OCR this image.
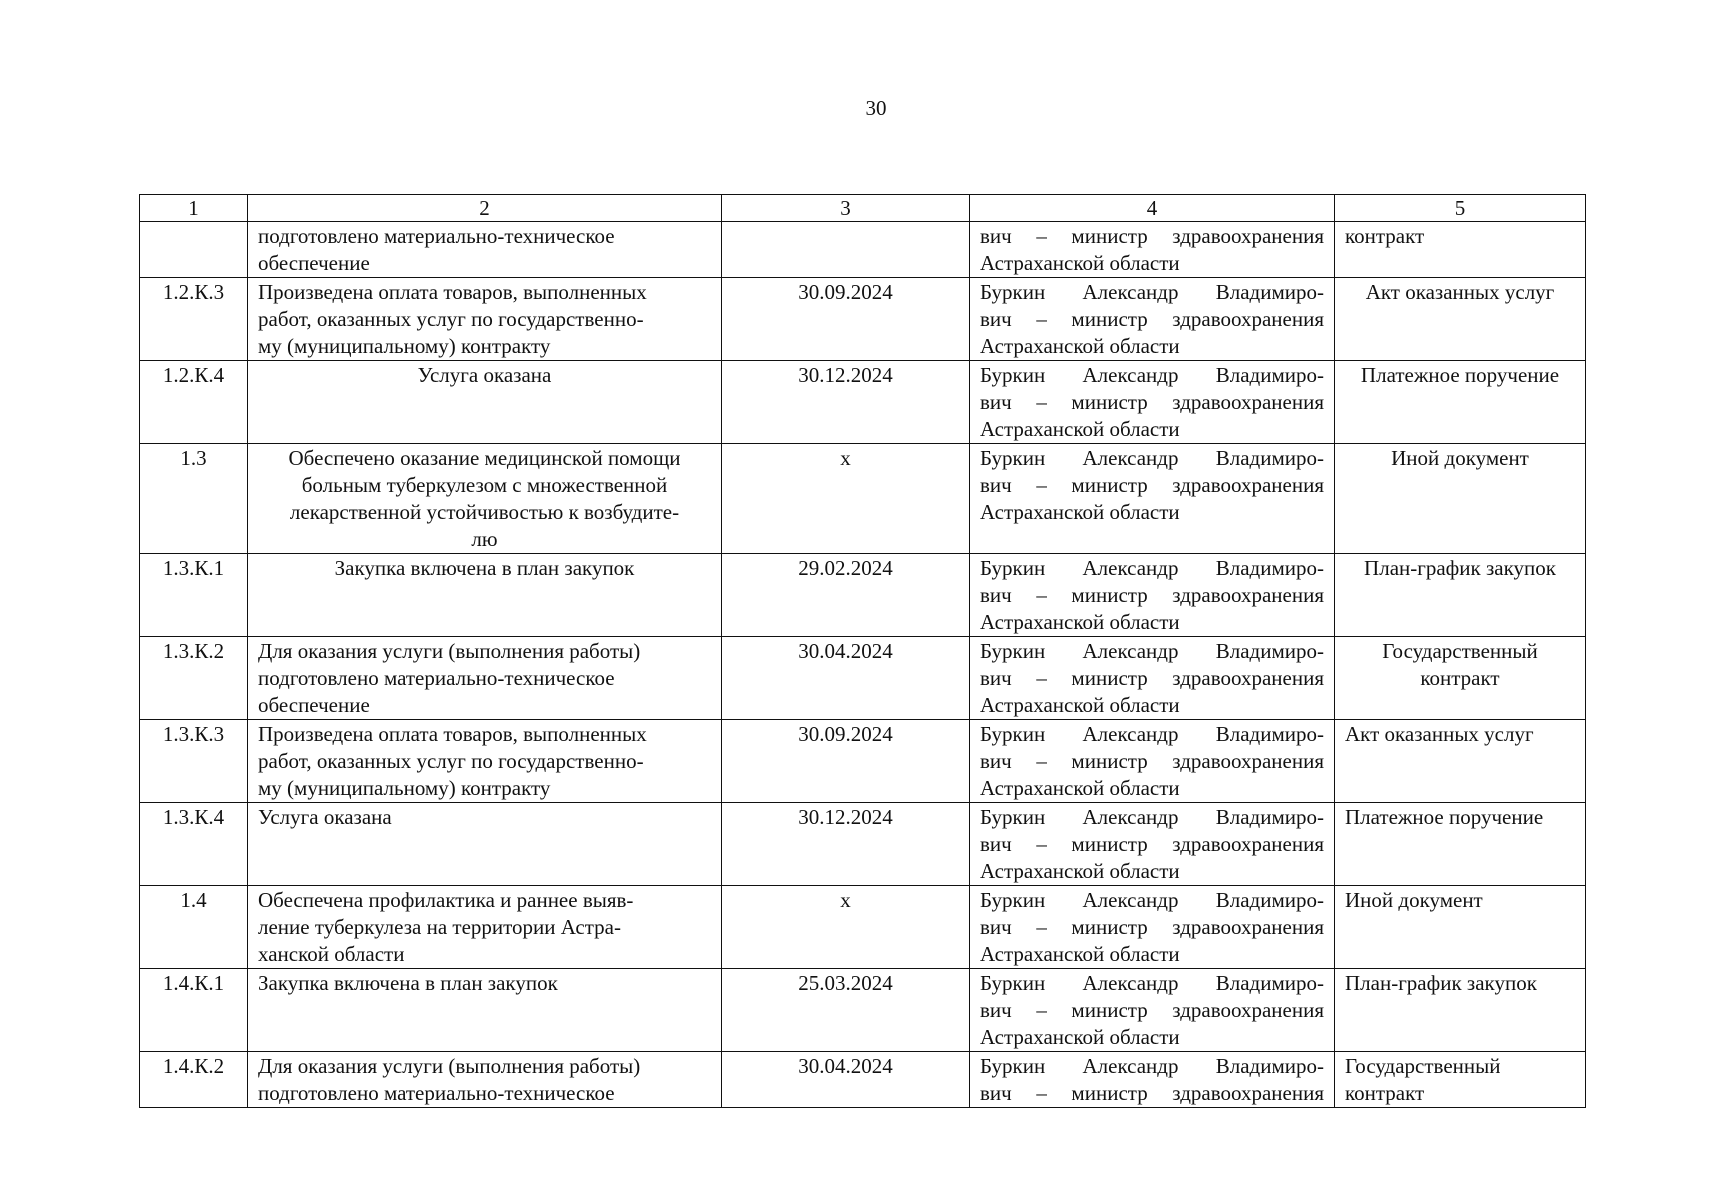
30
1	2	3	4	5

	подготовлено материально-техническое
обеспечение		вич – министр здравоохранения
Астраханской области	контракт

1.2.К.3	Произведена оплата товаров, выполненных
работ, оказанных услуг по государственно-
му (муниципальному) контракту	30.09.2024	Буркин Александр Владимиро-
вич – министр здравоохранения
Астраханской области	Акт оказанных услуг

1.2.К.4	Услуга оказана	30.12.2024	Буркин Александр Владимиро-
вич – министр здравоохранения
Астраханской области	Платежное поручение

1.3	Обеспечено оказание медицинской помощи
больным туберкулезом с множественной
лекарственной устойчивостью к возбудите-
лю	x	Буркин Александр Владимиро-
вич – министр здравоохранения
Астраханской области	Иной документ

1.3.К.1	Закупка включена в план закупок	29.02.2024	Буркин Александр Владимиро-
вич – министр здравоохранения
Астраханской области	План-график закупок

1.3.К.2	Для оказания услуги (выполнения работы)
подготовлено материально-техническое
обеспечение	30.04.2024	Буркин Александр Владимиро-
вич – министр здравоохранения
Астраханской области	Государственный
контракт

1.3.К.3	Произведена оплата товаров, выполненных
работ, оказанных услуг по государственно-
му (муниципальному) контракту	30.09.2024	Буркин Александр Владимиро-
вич – министр здравоохранения
Астраханской области	Акт оказанных услуг

1.3.К.4	Услуга оказана	30.12.2024	Буркин Александр Владимиро-
вич – министр здравоохранения
Астраханской области	Платежное поручение

1.4	Обеспечена профилактика и раннее выяв-
ление туберкулеза на территории Астра-
ханской области	x	Буркин Александр Владимиро-
вич – министр здравоохранения
Астраханской области	Иной документ

1.4.К.1	Закупка включена в план закупок	25.03.2024	Буркин Александр Владимиро-
вич – министр здравоохранения
Астраханской области	План-график закупок

1.4.К.2	Для оказания услуги (выполнения работы)
подготовлено материально-техническое	30.04.2024	Буркин Александр Владимиро-
вич – министр здравоохранения	Государственный
контракт
